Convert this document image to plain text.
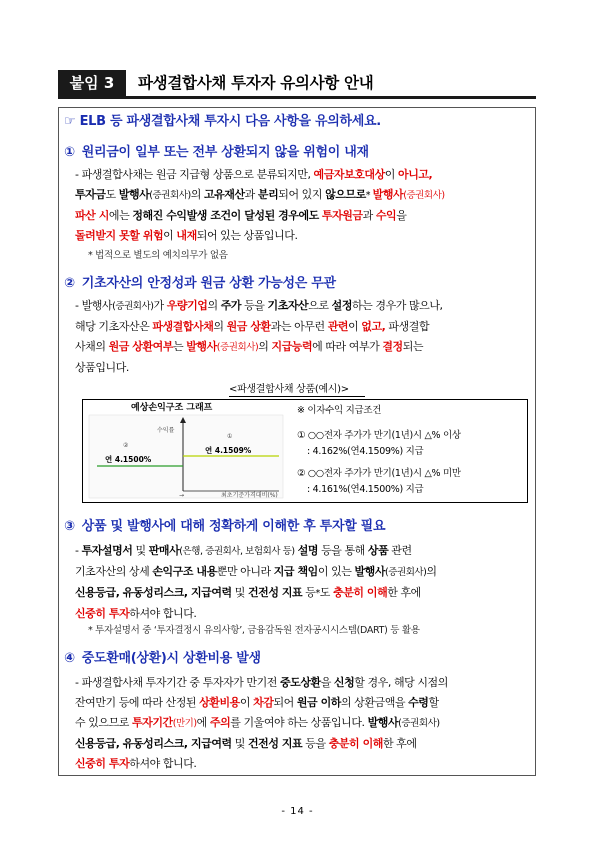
붙임 3	파생결합사채 투자자 유의사항 안내
☞ ELB 등 파생결합사채 투자시 다음 사항을 유의하세요.
① 원리금이 일부 또는 전부 상환되지 않을 위험이 내재
- 파생결합사채는 원금 지급형 상품으로 분류되지만, 예금자보호대상이 아니고,
투자금도 발행사(증권회사)의 고유재산과 분리되어 있지 않으므로* 발행사(증권회사)
파산 시에는 정해진 수익발생 조건이 달성된 경우에도 투자원금과 수익을
돌려받지 못할 위험이 내재되어 있는 상품입니다.
* 법적으로 별도의 예치의무가 없음
② 기초자산의 안정성과 원금 상환 가능성은 무관
- 발행사(증권회사)가 우량기업의 주가 등을 기초자산으로 설정하는 경우가 많으나,
해당 기초자산은 파생결합사채의 원금 상환과는 아무런 관련이 없고, 파생결합
사채의 원금 상환여부는 발행사(증권회사)의 지급능력에 따라 여부가 결정되는
상품입니다.
<파생결합사채 상품(예시)>
예상손익구조 그래프
수익률
최초기준가격대비(%)
②
①
연 4.1509%
연 4.1500%
→
※ 이자수익 지급조건
① ○○전자 주가가 만기(1년)시 △% 이상
: 4.162%(연4.1509%) 지급
② ○○전자 주가가 만기(1년)시 △% 미만
: 4.161%(연4.1500%) 지급
③ 상품 및 발행사에 대해 정확하게 이해한 후 투자할 필요
- 투자설명서 및 판매사(은행, 증권회사, 보험회사 등) 설명 등을 통해 상품 관련
기초자산의 상세 손익구조 내용뿐만 아니라 지급 책임이 있는 발행사(증권회사)의
신용등급, 유동성리스크, 지급여력 및 건전성 지표 등*도 충분히 이해한 후에
신중히 투자하셔야 합니다.
* 투자설명서 중 ‘투자결정시 유의사항’, 금융감독원 전자공시시스템(DART) 등 활용
④ 중도환매(상환)시 상환비용 발생
- 파생결합사채 투자기간 중 투자자가 만기전 중도상환을 신청할 경우, 해당 시점의
잔여만기 등에 따라 산정된 상환비용이 차감되어 원금 이하의 상환금액을 수령할
수 있으므로 투자기간(만기)에 주의를 기울여야 하는 상품입니다. 발행사(증권회사)
신용등급, 유동성리스크, 지급여력 및 건전성 지표 등을 충분히 이해한 후에
신중히 투자하셔야 합니다.
- 14 -
